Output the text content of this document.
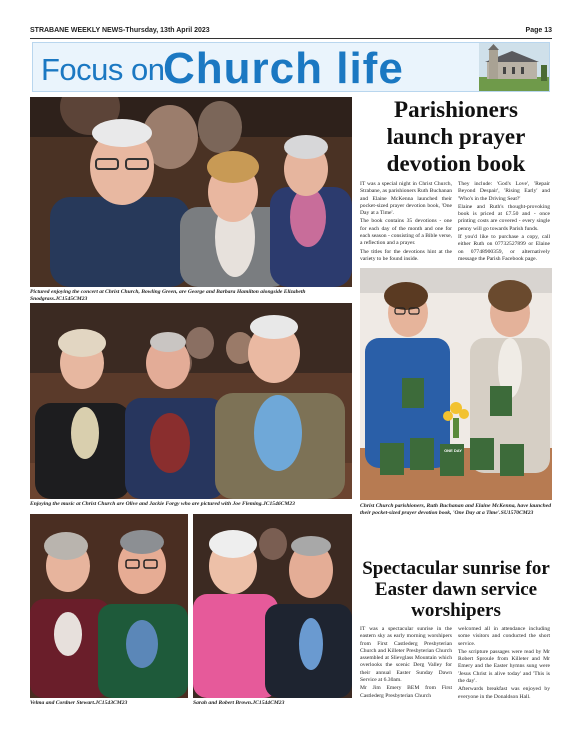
STRABANE WEEKLY NEWS-Thursday, 13th April 2023	Page 13
Focus on
Church life
Pictured enjoying the concert at Christ Church, Bowling Green, are George and Barbara Hamilton alongside Elizabeth Snodgrass.JC1545CM23
Parishioners launch prayer devotion book

IT was a special night in Christ Church, Strabane, as parishioners Ruth Buchanan and Elaine McKenna launched their pocket-sized prayer devotion book, 'One Day at a Time'.

The book contains 35 devotions - one for each day of the month and one for each season - consisting of a Bible verse, a reflection and a prayer.

The titles for the devotions hint at the variety to be found inside.

They include: 'God's Love', 'Repair Beyond Despair', 'Rising Early' and 'Who's in the Driving Seat?'

Elaine and Ruth's thought-provoking book is priced at £7.50 and - once printing costs are covered - every single penny will go towards Parish funds.

If you'd like to purchase a copy, call either Ruth on 07732527899 or Elaine on 07748900359, or alternatively message the Parish Facebook page.

Enjoying the music at Christ Church are Olive and Jackie Forgy who are pictured with Joe Fleming.JC1546CM23
ONE DAY
Christ Church parishioners, Ruth Buchanan and Elaine McKenna, have launched their pocket-sized prayer devotion book, 'One Day at a Time'.SU1570CM23
Velma and Cordner Stewart.JC1543CM23	Sarah and Robert Brown.JC1544CM23
Spectacular sunrise for Easter dawn service worshipers

IT was a spectacular sunrise in the eastern sky as early morning worshipers from First Castlederg Presbyterian Church and Killeter Presbyterian Church assembled at Slievglass Mountain which overlooks the scenic Derg Valley for their annual Easter Sunday Dawn Service at 6.30am.

Mr Jim Emery BEM from First Castlederg Presbyterian Church

welcomed all in attendance including some visitors and conducted the short service.

The scripture passages were read by Mr Robert Sproule from Killeter and Mr Emery and the Easter hymns sung were 'Jesus Christ is alive today' and 'This is the day'.

Afterwards breakfast was enjoyed by everyone in the Donaldson Hall.
